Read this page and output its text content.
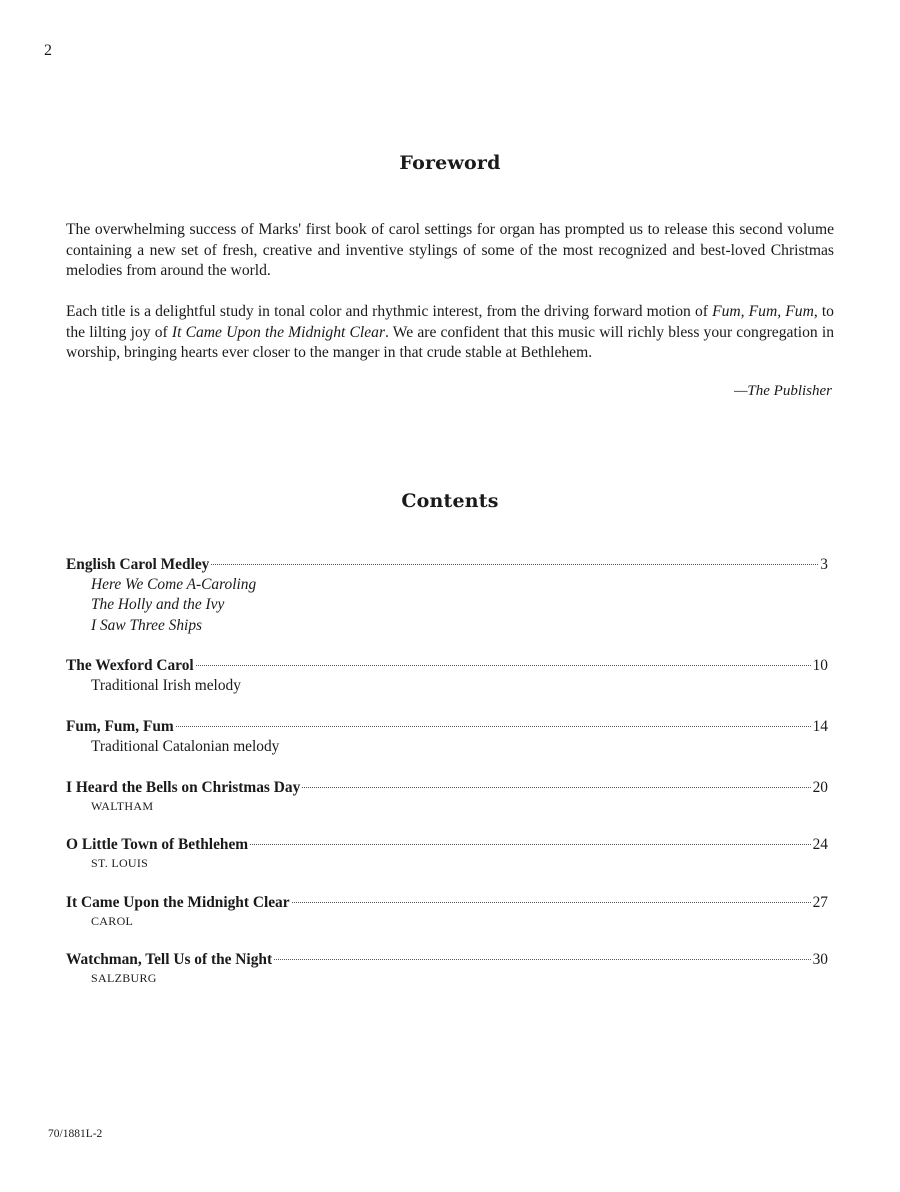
2
Foreword

The overwhelming success of Marks' first book of carol settings for organ has prompted us to release this second volume containing a new set of fresh, creative and inventive stylings of some of the most recognized and best-loved Christmas melodies from around the world.

Each title is a delightful study in tonal color and rhythmic interest, from the driving forward motion of Fum, Fum, Fum, to the lilting joy of It Came Upon the Midnight Clear. We are confident that this music will richly bless your congregation in worship, bringing hearts ever closer to the manger in that crude stable at Bethlehem.

—The Publisher
Contents
English Carol Medley	3
Here We Come A-Caroling
The Holly and the Ivy
I Saw Three Ships
The Wexford Carol	10
Traditional Irish melody
Fum, Fum, Fum	14
Traditional Catalonian melody
I Heard the Bells on Christmas Day	20
WALTHAM
O Little Town of Bethlehem	24
ST. LOUIS
It Came Upon the Midnight Clear	27
CAROL
Watchman, Tell Us of the Night	30
SALZBURG
70/1881L-2
